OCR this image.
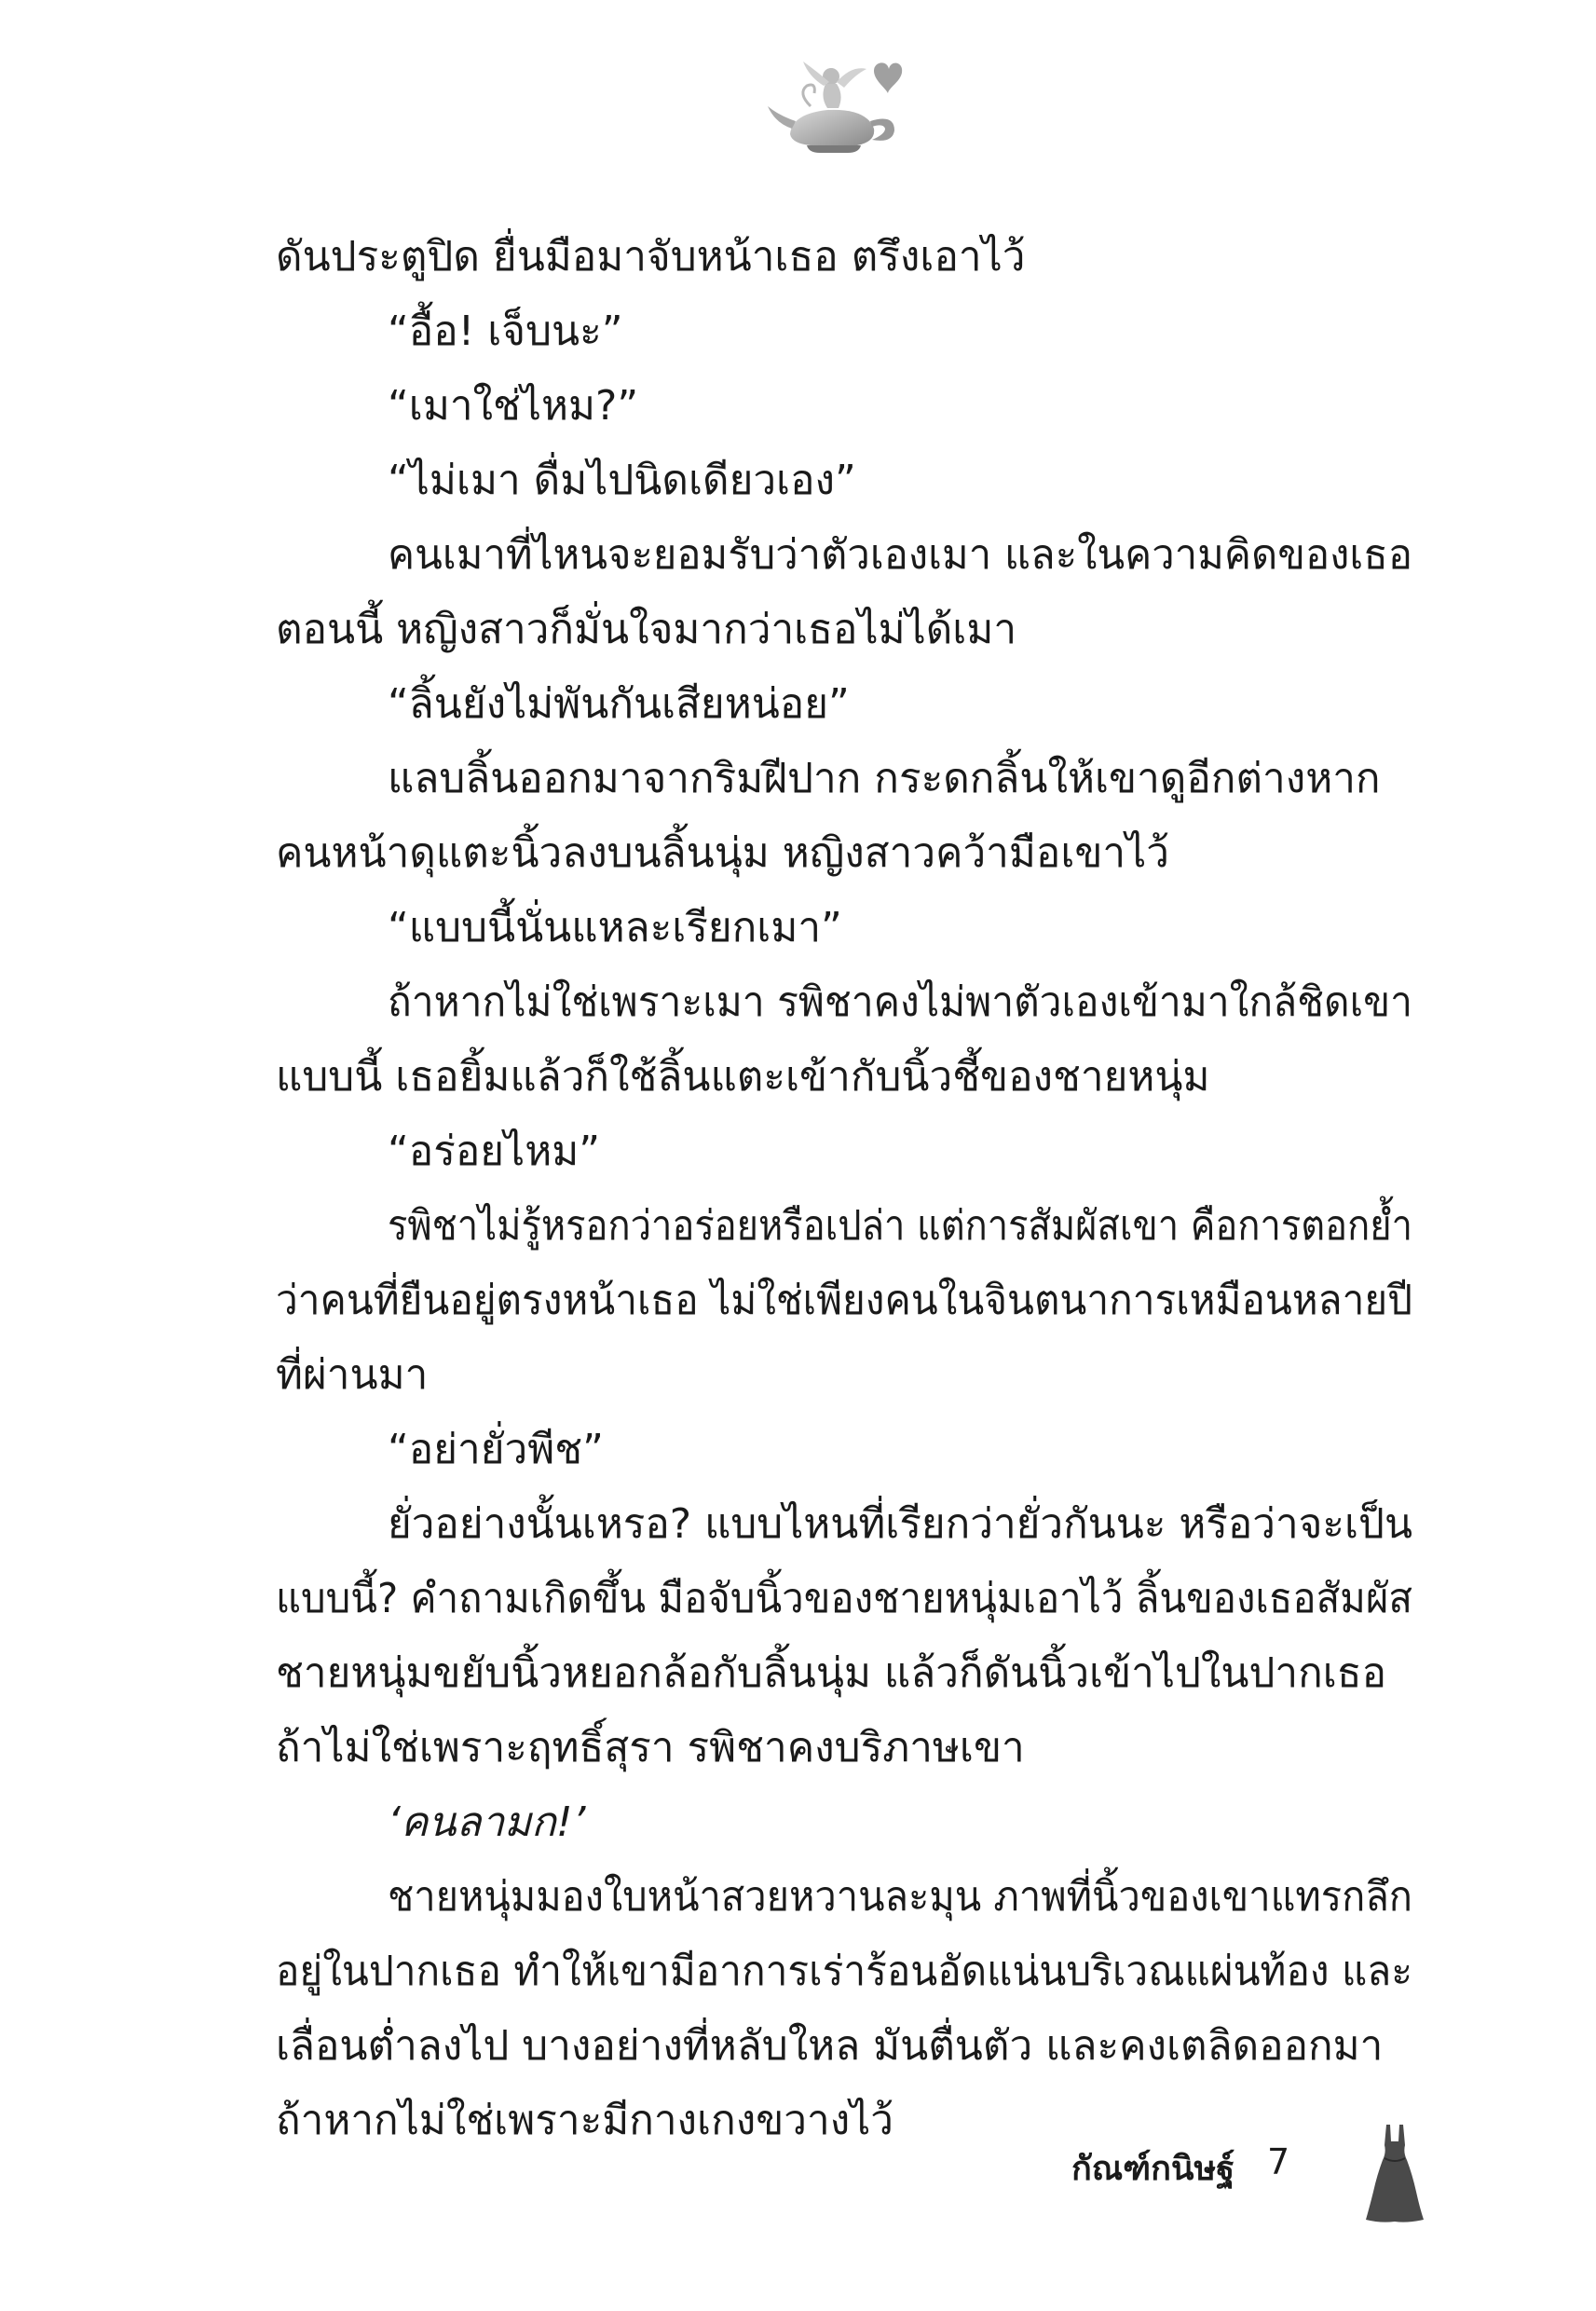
ดันประตูปิด ยื่นมือมาจับหน้าเธอ ตรึงเอาไว้
“อื้อ! เจ็บนะ”
“เมาใช่ไหม?”
“ไม่เมา ดื่มไปนิดเดียวเอง”
คนเมาที่ไหนจะยอมรับว่าตัวเองเมา และในความคิดของเธอ
ตอนนี้ หญิงสาวก็มั่นใจมากว่าเธอไม่ได้เมา
“ลิ้นยังไม่พันกันเสียหน่อย”
แลบลิ้นออกมาจากริมฝีปาก กระดกลิ้นให้เขาดูอีกต่างหาก
คนหน้าดุแตะนิ้วลงบนลิ้นนุ่ม หญิงสาวคว้ามือเขาไว้
“แบบนี้นั่นแหละเรียกเมา”
ถ้าหากไม่ใช่เพราะเมา รพิชาคงไม่พาตัวเองเข้ามาใกล้ชิดเขา
แบบนี้ เธอยิ้มแล้วก็ใช้ลิ้นแตะเข้ากับนิ้วชี้ของชายหนุ่ม
“อร่อยไหม”
รพิชาไม่รู้หรอกว่าอร่อยหรือเปล่า แต่การสัมผัสเขา คือการตอกย้ำ
ว่าคนที่ยืนอยู่ตรงหน้าเธอ ไม่ใช่เพียงคนในจินตนาการเหมือนหลายปี
ที่ผ่านมา
“อย่ายั่วพีช”
ยั่วอย่างนั้นเหรอ? แบบไหนที่เรียกว่ายั่วกันนะ หรือว่าจะเป็น
แบบนี้? คำถามเกิดขึ้น มือจับนิ้วของชายหนุ่มเอาไว้ ลิ้นของเธอสัมผัส
ชายหนุ่มขยับนิ้วหยอกล้อกับลิ้นนุ่ม แล้วก็ดันนิ้วเข้าไปในปากเธอ
ถ้าไม่ใช่เพราะฤทธิ์สุรา รพิชาคงบริภาษเขา
‘คนลามก!’
ชายหนุ่มมองใบหน้าสวยหวานละมุน ภาพที่นิ้วของเขาแทรกลึก
อยู่ในปากเธอ ทำให้เขามีอาการเร่าร้อนอัดแน่นบริเวณแผ่นท้อง และ
เลื่อนต่ำลงไป บางอย่างที่หลับใหล มันตื่นตัว และคงเตลิดออกมา
ถ้าหากไม่ใช่เพราะมีกางเกงขวางไว้
กัณฑ์กนิษฐ์ 7
